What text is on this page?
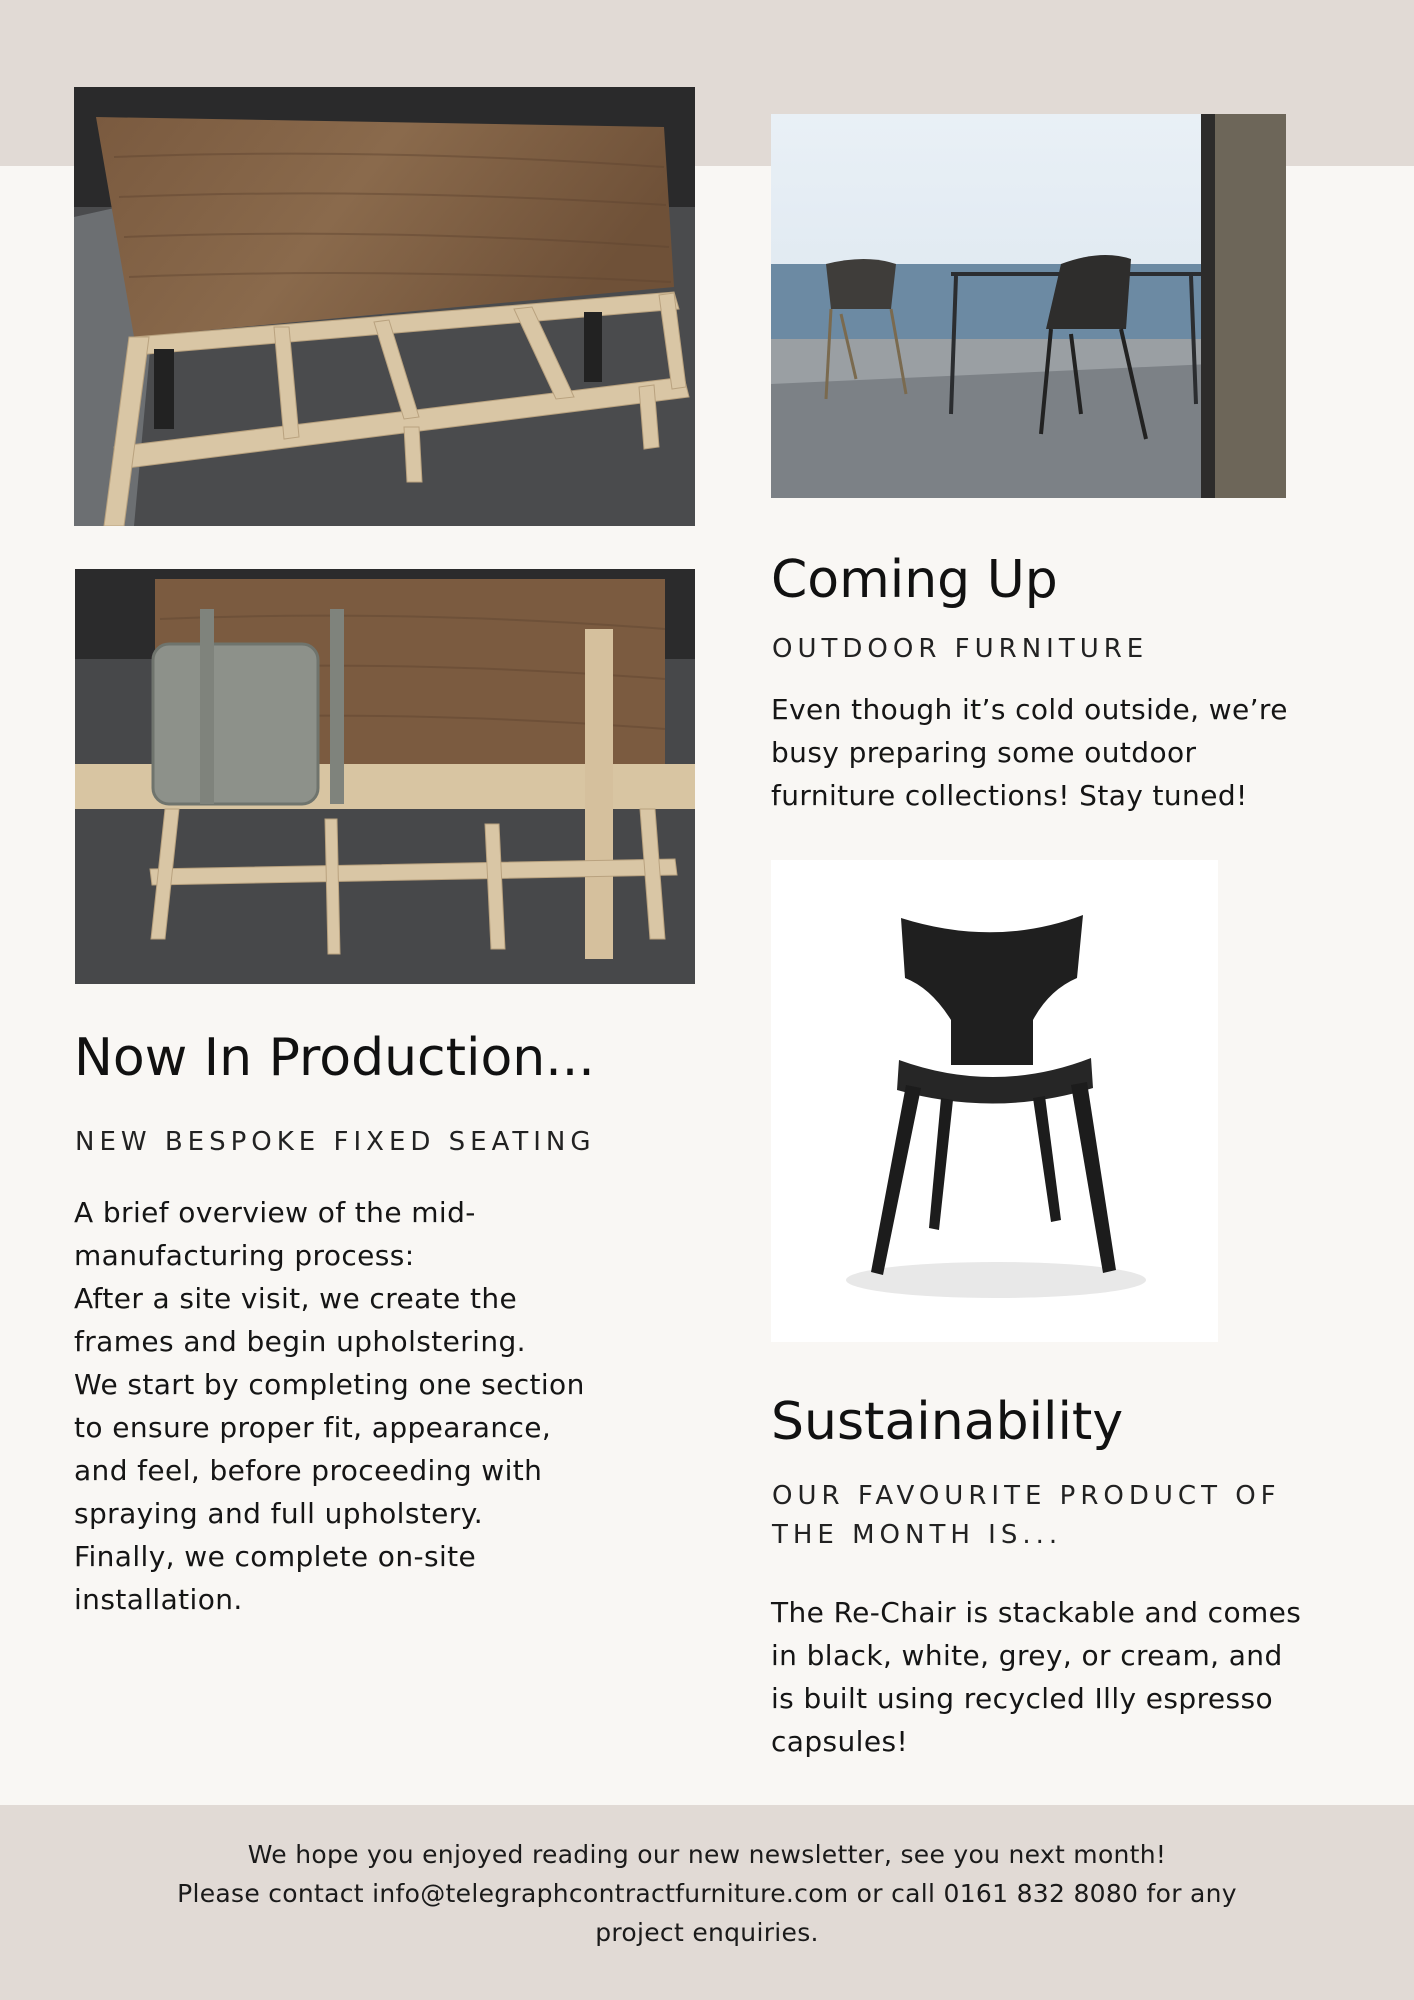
Now In Production...

NEW BESPOKE FIXED SEATING

A brief overview of the mid-
manufacturing process:
After a site visit, we create the
frames and begin upholstering.
We start by completing one section
to ensure proper fit, appearance,
and feel, before proceeding with
spraying and full upholstery.
Finally, we complete on-site
installation.
Coming Up

OUTDOOR FURNITURE

Even though it’s cold outside, we’re
busy preparing some outdoor
furniture collections! Stay tuned!
Sustainability
OUR FAVOURITE PRODUCT OF
THE MONTH IS...
The Re-Chair is stackable and comes
in black, white, grey, or cream, and
is built using recycled Illy espresso
capsules!
We hope you enjoyed reading our new newsletter, see you next month!
Please contact info@telegraphcontractfurniture.com or call 0161 832 8080 for any
project enquiries.
